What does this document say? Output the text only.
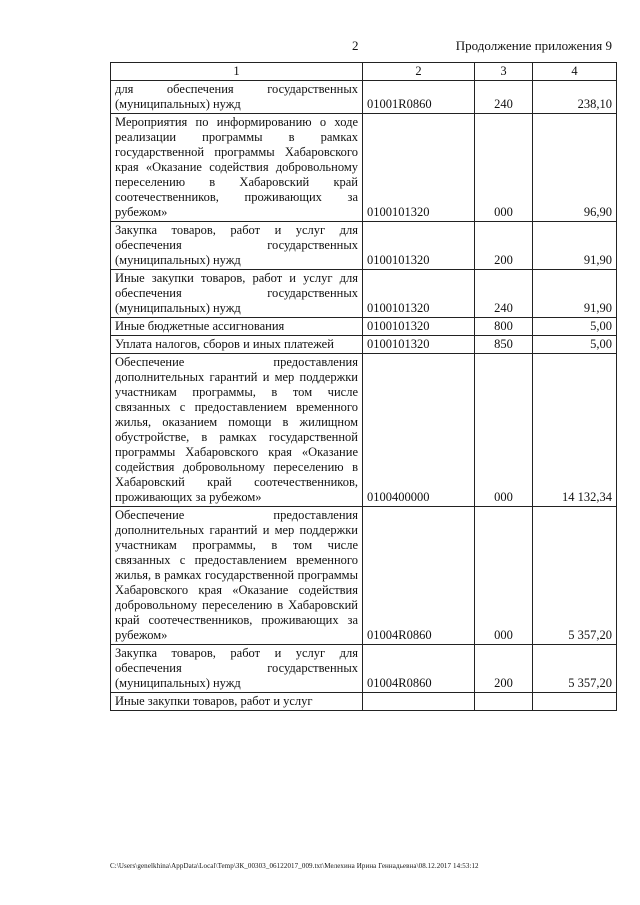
2	Продолжение приложения 9
1	2	3	4
для обеспечения государственных (муниципальных) нужд	01001R0860	240	238,10
Мероприятия по информированию о ходе реализации программы в рамках государственной программы Хабаровского края «Оказание содействия добровольному переселению в Хабаровский край соотечественников, проживающих за рубежом»	0100101320	000	96,90
Закупка товаров, работ и услуг для обеспечения государственных (муниципальных) нужд	0100101320	200	91,90
Иные закупки товаров, работ и услуг для обеспечения государственных (муниципальных) нужд	0100101320	240	91,90
Иные бюджетные ассигнования	0100101320	800	5,00
Уплата налогов, сборов и иных платежей	0100101320	850	5,00
Обеспечение предоставления дополнительных гарантий и мер поддержки участникам программы, в том числе связанных с предоставлением временного жилья, оказанием помощи в жилищном обустройстве, в рамках государственной программы Хабаровского края «Оказание содействия добровольному переселению в Хабаровский край соотечественников, проживающих за рубежом»	0100400000	000	14 132,34
Обеспечение предоставления дополнительных гарантий и мер поддержки участникам программы, в том числе связанных с предоставлением временного жилья, в рамках государственной программы Хабаровского края «Оказание содействия добровольному переселению в Хабаровский край соотечественников, проживающих за рубежом»	01004R0860	000	5 357,20
Закупка товаров, работ и услуг для обеспечения государственных (муниципальных) нужд	01004R0860	200	5 357,20
Иные закупки товаров, работ и услуг			
C:\Users\genelkhina\AppData\Local\Temp\ЗК_00303_06122017_009.txt\Мелехина Ирина Геннадьевна\08.12.2017 14:53:12
